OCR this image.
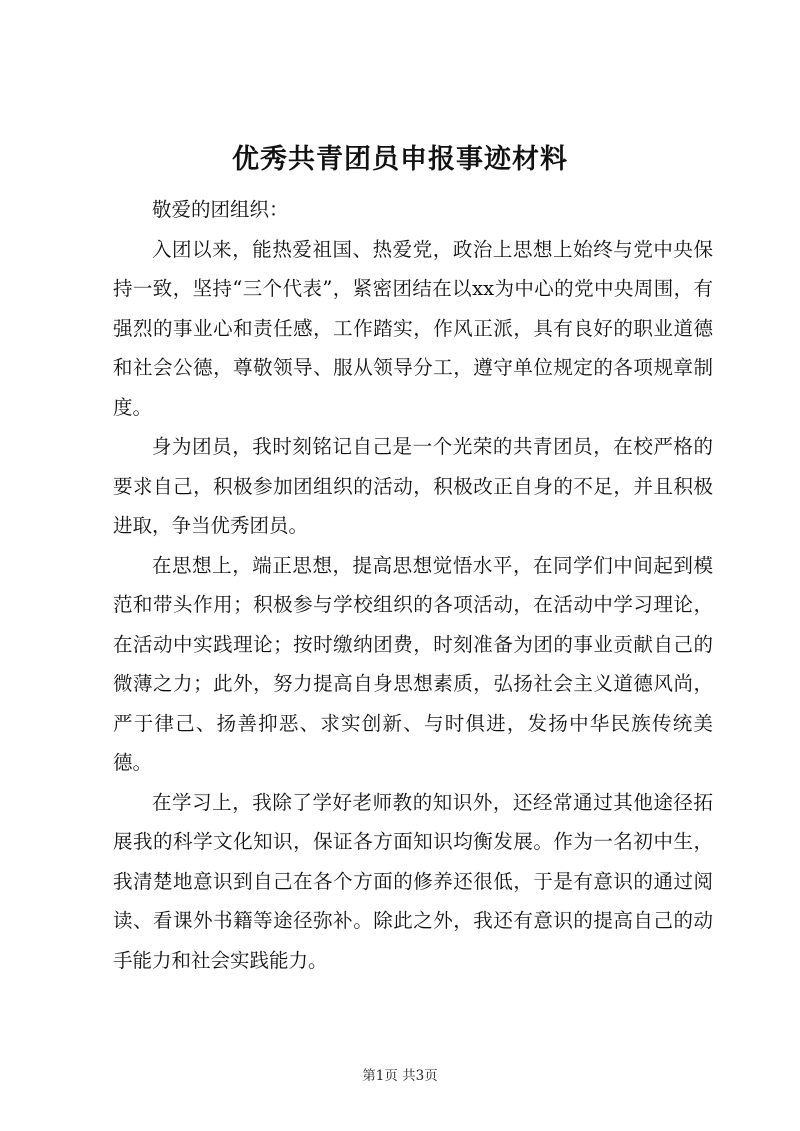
优秀共青团员申报事迹材料

敬爱的团组织：

入团以来，能热爱祖国、热爱党，政治上思想上始终与党中央保持一致，坚持“三个代表”，紧密团结在以xx为中心的党中央周围，有强烈的事业心和责任感，工作踏实，作风正派，具有良好的职业道德和社会公德，尊敬领导、服从领导分工，遵守单位规定的各项规章制度。

身为团员，我时刻铭记自己是一个光荣的共青团员，在校严格的要求自己，积极参加团组织的活动，积极改正自身的不足，并且积极进取，争当优秀团员。

在思想上，端正思想，提高思想觉悟水平，在同学们中间起到模范和带头作用；积极参与学校组织的各项活动，在活动中学习理论，在活动中实践理论；按时缴纳团费，时刻准备为团的事业贡献自己的微薄之力；此外，努力提高自身思想素质，弘扬社会主义道德风尚，严于律己、扬善抑恶、求实创新、与时俱进，发扬中华民族传统美德。

在学习上，我除了学好老师教的知识外，还经常通过其他途径拓展我的科学文化知识，保证各方面知识均衡发展。作为一名初中生，我清楚地意识到自己在各个方面的修养还很低，于是有意识的通过阅读、看课外书籍等途径弥补。除此之外，我还有意识的提高自己的动手能力和社会实践能力。

第1页 共3页
